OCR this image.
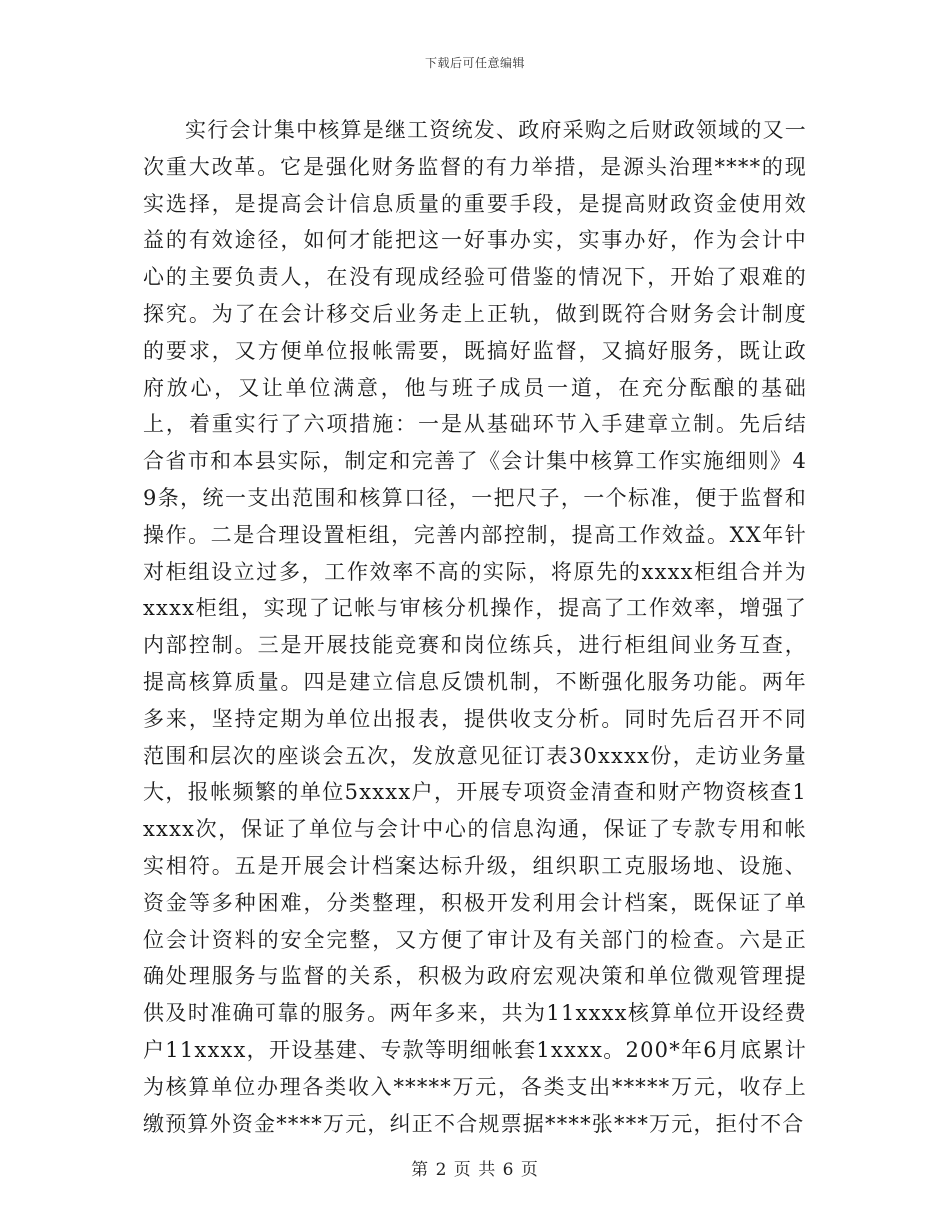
下载后可任意编辑

实行会计集中核算是继工资统发、政府采购之后财政领域的又一次重大改革。它是强化财务监督的有力举措，是源头治理****的现实选择，是提高会计信息质量的重要手段，是提高财政资金使用效益的有效途径，如何才能把这一好事办实，实事办好，作为会计中心的主要负责人，在没有现成经验可借鉴的情况下，开始了艰难的探究。为了在会计移交后业务走上正轨，做到既符合财务会计制度的要求，又方便单位报帐需要，既搞好监督，又搞好服务，既让政府放心，又让单位满意，他与班子成员一道，在充分酝酿的基础上，着重实行了六项措施：一是从基础环节入手建章立制。先后结合省市和本县实际，制定和完善了《会计集中核算工作实施细则》49条，统一支出范围和核算口径，一把尺子，一个标准，便于监督和操作。二是合理设置柜组，完善内部控制，提高工作效益。XX年针对柜组设立过多，工作效率不高的实际，将原先的xxxx柜组合并为xxxx柜组，实现了记帐与审核分机操作，提高了工作效率，增强了内部控制。三是开展技能竞赛和岗位练兵，进行柜组间业务互查，提高核算质量。四是建立信息反馈机制，不断强化服务功能。两年多来，坚持定期为单位出报表，提供收支分析。同时先后召开不同范围和层次的座谈会五次，发放意见征订表30xxxx份，走访业务量大，报帐频繁的单位5xxxx户，开展专项资金清查和财产物资核查1xxxx次，保证了单位与会计中心的信息沟通，保证了专款专用和帐实相符。五是开展会计档案达标升级，组织职工克服场地、设施、资金等多种困难，分类整理，积极开发利用会计档案，既保证了单位会计资料的安全完整，又方便了审计及有关部门的检查。六是正确处理服务与监督的关系，积极为政府宏观决策和单位微观管理提供及时准确可靠的服务。两年多来，共为11xxxx核算单位开设经费户11xxxx，开设基建、专款等明细帐套1xxxx。200*年6月底累计为核算单位办理各类收入*****万元，各类支出*****万元，收存上缴预算外资金****万元，纠正不合规票据****张***万元，拒付不合

第 2 页 共 6 页
